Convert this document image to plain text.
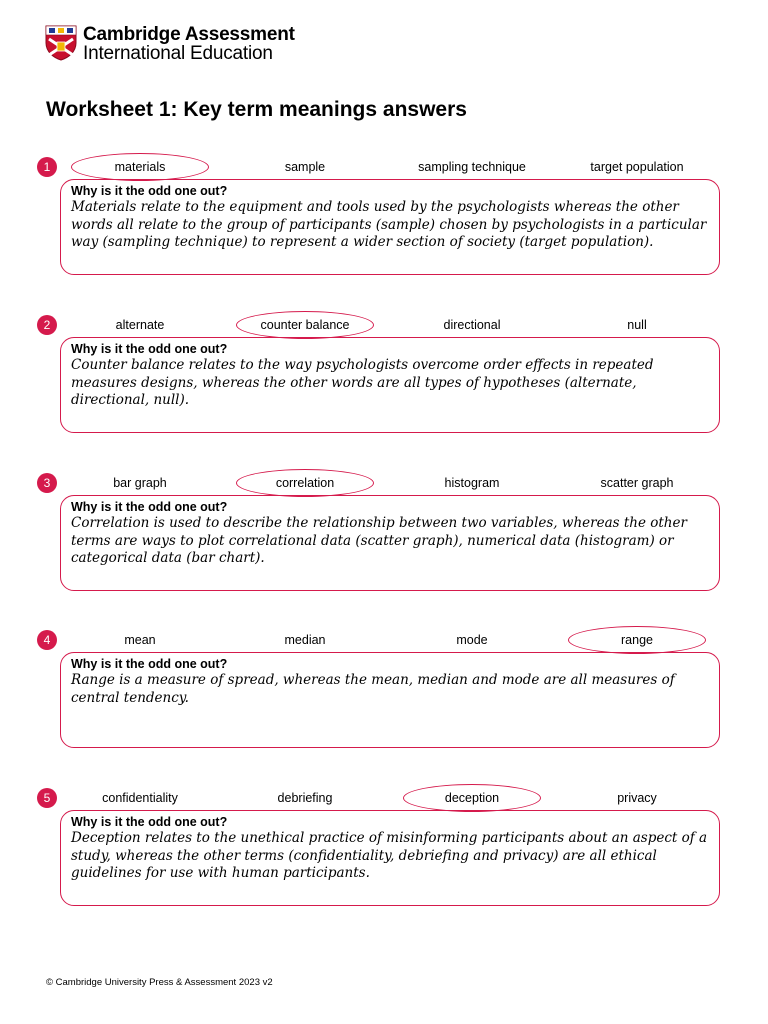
Cambridge Assessment
International Education
Worksheet 1: Key term meanings answers
1	materials	sample	sampling technique	target population
Why is it the odd one out?
Materials relate to the equipment and tools used by the psychologists whereas the other words all relate to the group of participants (sample) chosen by psychologists in a particular way (sampling technique) to represent a wider section of society (target population).
2	alternate	counter balance	directional	null
Why is it the odd one out?
Counter balance relates to the way psychologists overcome order effects in repeated measures designs, whereas the other words are all types of hypotheses (alternate, directional, null).
3	bar graph	correlation	histogram	scatter graph
Why is it the odd one out?
Correlation is used to describe the relationship between two variables, whereas the other terms are ways to plot correlational data (scatter graph), numerical data (histogram) or categorical data (bar chart).
4	mean	median	mode	range
Why is it the odd one out?
Range is a measure of spread, whereas the mean, median and mode are all measures of central tendency.
5	confidentiality	debriefing	deception	privacy
Why is it the odd one out?
Deception relates to the unethical practice of misinforming participants about an aspect of a study, whereas the other terms (confidentiality, debriefing and privacy) are all ethical guidelines for use with human participants.
© Cambridge University Press & Assessment 2023 v2
